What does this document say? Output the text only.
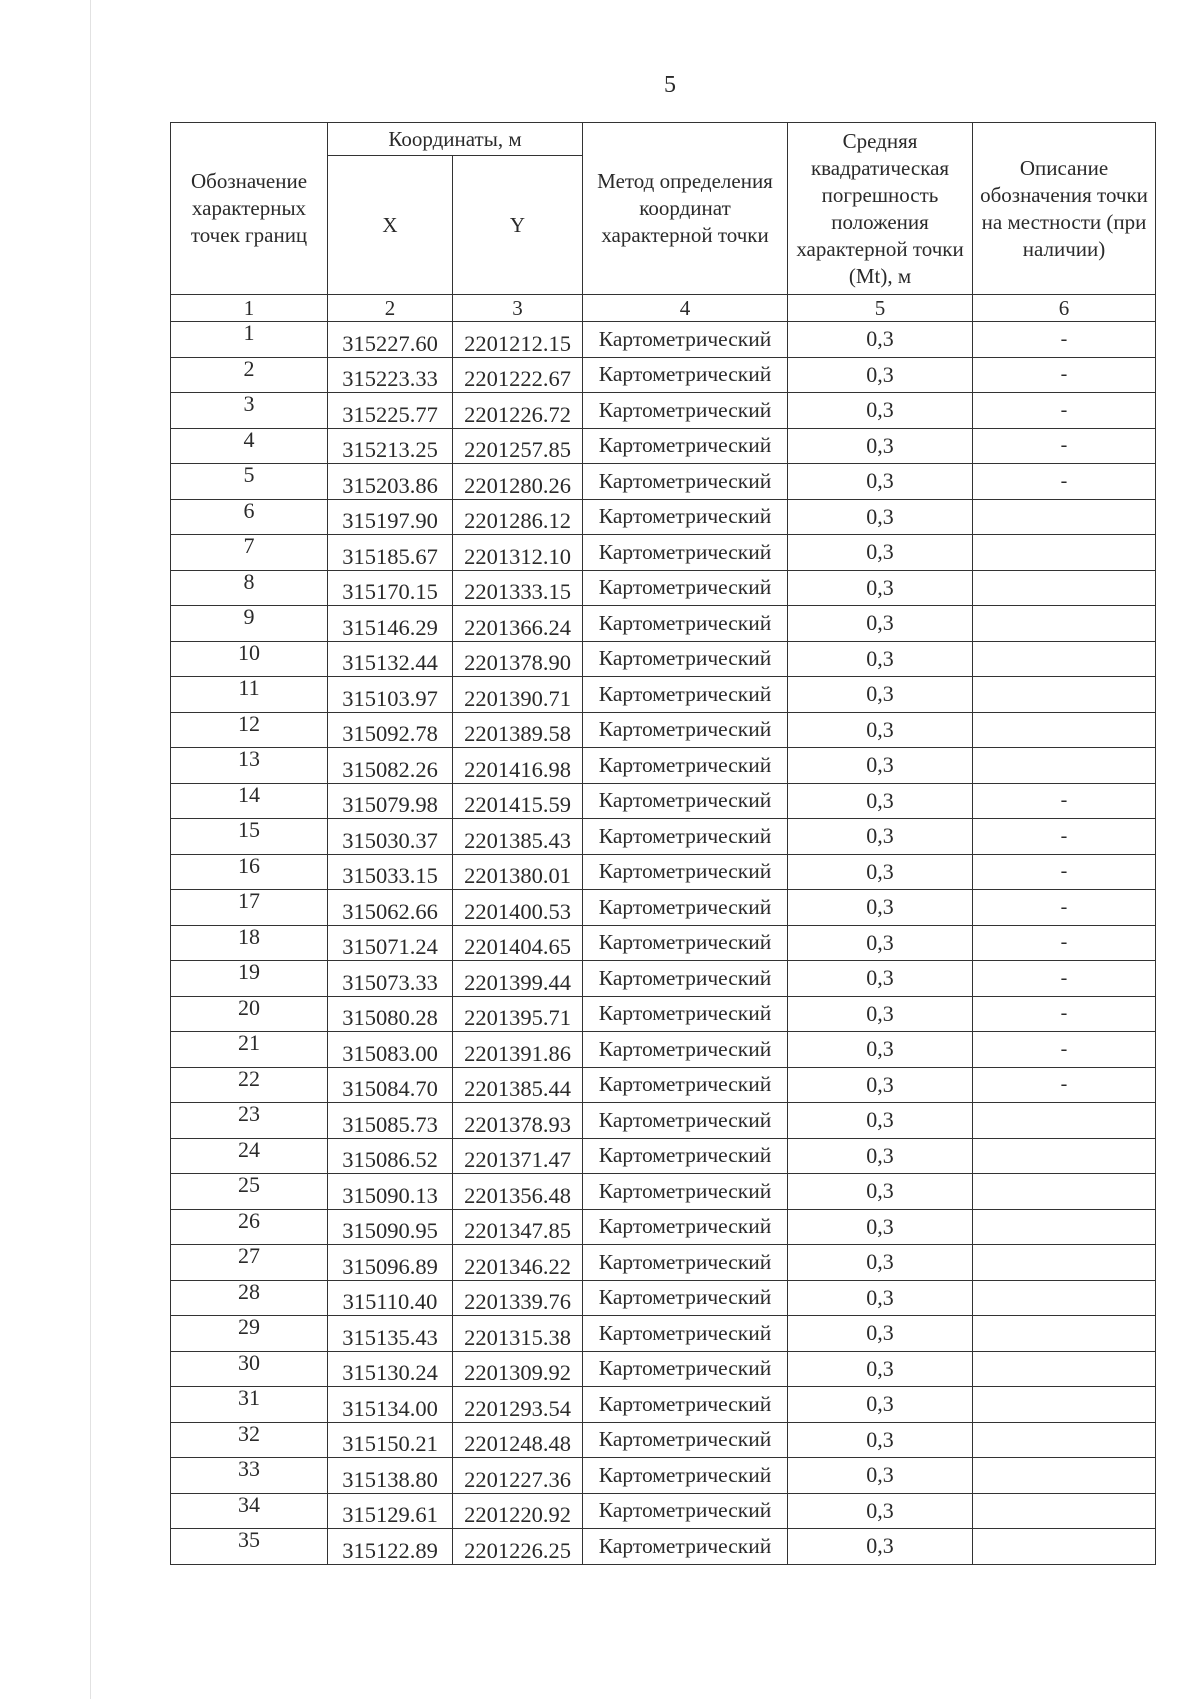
5
Обозначение характерных точек границ	Координаты, м		Метод определения координат характерной точки	Средняя квадратическая погрешность положения характерной точки (Mt), м	Описание обозначения точки на местности (при наличии)
	X	Y			
1	2	3	4	5	6
1	315227.60	2201212.15	Картометрический	0,3	-
2	315223.33	2201222.67	Картометрический	0,3	-
3	315225.77	2201226.72	Картометрический	0,3	-
4	315213.25	2201257.85	Картометрический	0,3	-
5	315203.86	2201280.26	Картометрический	0,3	-
6	315197.90	2201286.12	Картометрический	0,3	
7	315185.67	2201312.10	Картометрический	0,3	
8	315170.15	2201333.15	Картометрический	0,3	
9	315146.29	2201366.24	Картометрический	0,3	
10	315132.44	2201378.90	Картометрический	0,3	
11	315103.97	2201390.71	Картометрический	0,3	
12	315092.78	2201389.58	Картометрический	0,3	
13	315082.26	2201416.98	Картометрический	0,3	
14	315079.98	2201415.59	Картометрический	0,3	-
15	315030.37	2201385.43	Картометрический	0,3	-
16	315033.15	2201380.01	Картометрический	0,3	-
17	315062.66	2201400.53	Картометрический	0,3	-
18	315071.24	2201404.65	Картометрический	0,3	-
19	315073.33	2201399.44	Картометрический	0,3	-
20	315080.28	2201395.71	Картометрический	0,3	-
21	315083.00	2201391.86	Картометрический	0,3	-
22	315084.70	2201385.44	Картометрический	0,3	-
23	315085.73	2201378.93	Картометрический	0,3	
24	315086.52	2201371.47	Картометрический	0,3	
25	315090.13	2201356.48	Картометрический	0,3	
26	315090.95	2201347.85	Картометрический	0,3	
27	315096.89	2201346.22	Картометрический	0,3	
28	315110.40	2201339.76	Картометрический	0,3	
29	315135.43	2201315.38	Картометрический	0,3	
30	315130.24	2201309.92	Картометрический	0,3	
31	315134.00	2201293.54	Картометрический	0,3	
32	315150.21	2201248.48	Картометрический	0,3	
33	315138.80	2201227.36	Картометрический	0,3	
34	315129.61	2201220.92	Картометрический	0,3	
35	315122.89	2201226.25	Картометрический	0,3	
